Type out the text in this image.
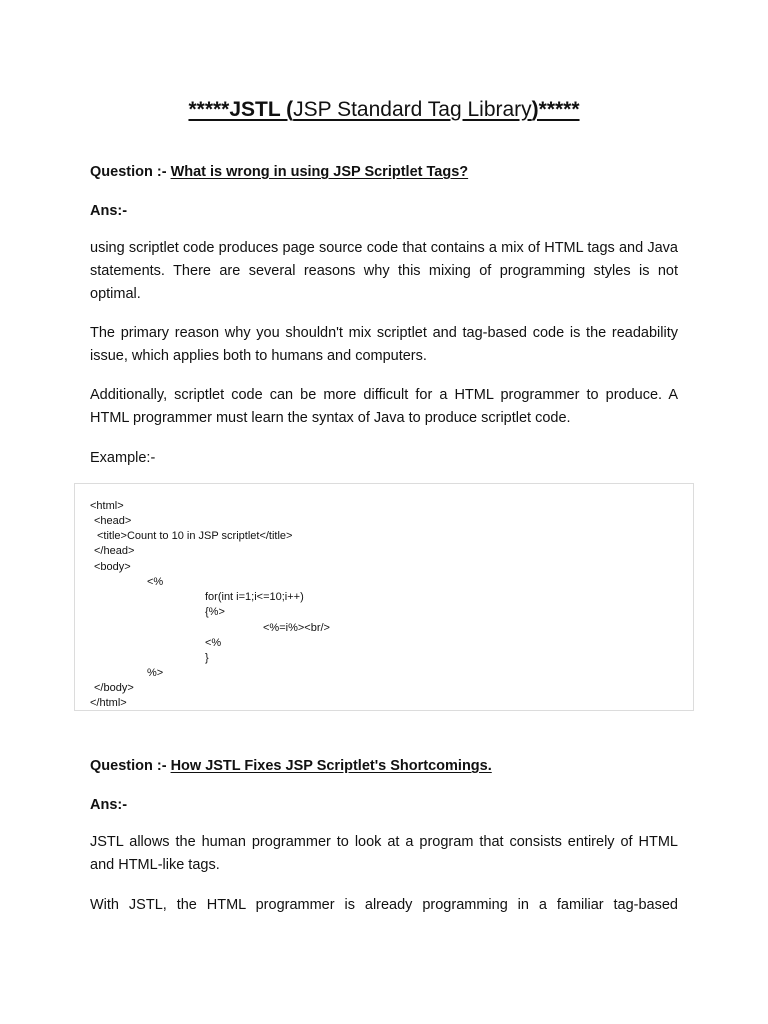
*****JSTL (JSP Standard Tag Library)*****
Question :- What is wrong in using JSP Scriptlet Tags?
Ans:-
using scriptlet code produces page source code that contains a mix of HTML tags and Java statements. There are several reasons why this mixing of programming styles is not optimal.
The primary reason why you shouldn't mix scriptlet and tag-based code is the readability issue, which applies both to humans and computers.
Additionally, scriptlet code can be more difficult for a HTML programmer to produce. A HTML programmer must learn the syntax of Java to produce scriptlet code.
Example:-
<html>
<head>
<title>Count to 10 in JSP scriptlet</title>
</head>
<body>
<%
for(int i=1;i<=10;i++)
{%>
<%=i%><br/>
<%
}
%>
</body>
</html>
Question :- How JSTL Fixes JSP Scriptlet's Shortcomings.
Ans:-
JSTL allows the human programmer to look at a program that consists entirely of HTML and HTML-like tags.
With JSTL, the HTML programmer is already programming in a familiar tag-based
